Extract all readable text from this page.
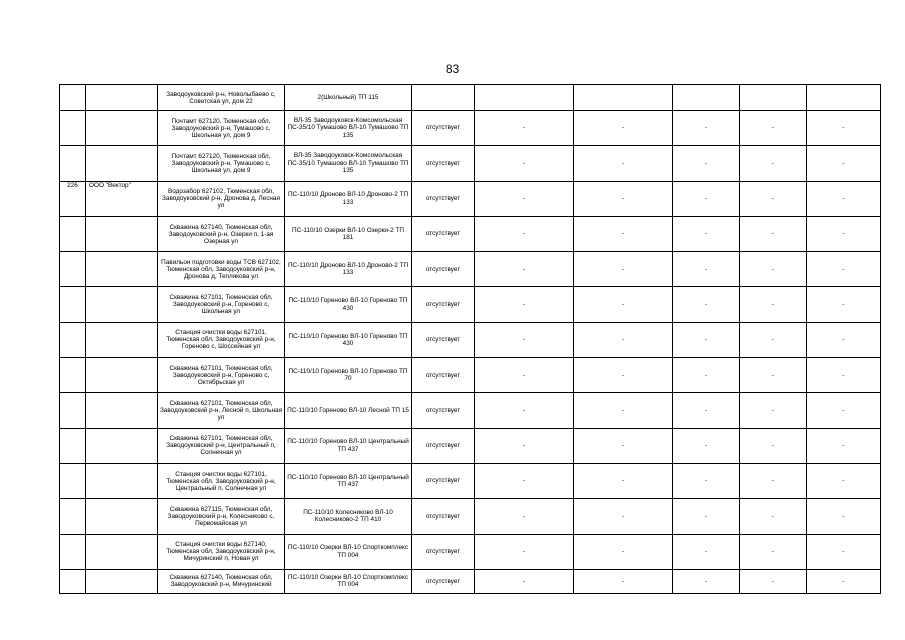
83
		Заводоуковский р-н, Новолыбаево с, Советская ул, дом 22	2(Школьный) ТП 115							
		Почтамт 627120, Тюменская обл, Заводоуковский р-н, Тумашово с, Школьная ул, дом 9	ВЛ-35 Заводоуковск-Комсомольская ПС-35/10 Тумашово ВЛ-10 Тумашово ТП 135	отсутствует	-	-	-	-	-	
		Почтамт 627120, Тюменская обл, Заводоуковский р-н, Тумашово с, Школьная ул, дом 9	ВЛ-35 Заводоуковск-Комсомольская ПС-35/10 Тумашово ВЛ-10 Тумашово ТП 135	отсутствует	-	-	-	-	-	
226	ООО "Вектор"	Водозабор 627102, Тюменская обл, Заводоуковский р-н, Дронова д, Лесная ул	ПС-110/10 Дроново ВЛ-10 Дроново-2 ТП 133	отсутствует	-	-	-	-	-	
		Скважина 627140, Тюменская обл, Заводоуковский р-н, Озерки п, 1-ая Озерная ул	ПС-110/10 Озерки ВЛ-10 Озерки-2 ТП 181	отсутствует	-	-	-	-	-	
		Павильон подготовки воды ТСВ 627102, Тюменская обл, Заводоуковский р-н, Дронова д, Теплякова ул	ПС-110/10 Дроново ВЛ-10 Дроново-2 ТП 133	отсутствует	-	-	-	-	-	
		Скважина 627101, Тюменская обл, Заводоуковский р-н, Гореново с, Школьная ул	ПС-110/10 Гореново ВЛ-10 Гореново ТП 430	отсутствует	-	-	-	-	-	
		Станция очистки воды 627101, Тюменская обл, Заводоуковский р-н, Гореново с, Шоссейная ул	ПС-110/10 Гореново ВЛ-10 Гореново ТП 430	отсутствует	-	-	-	-	-	
		Скважина 627101, Тюменская обл, Заводоуковский р-н, Гореново с, Октябрьская ул	ПС-110/10 Гореново ВЛ-10 Гореново ТП 70	отсутствует	-	-	-	-	-	
		Скважина 627101, Тюменская обл, Заводоуковский р-н, Лесной п, Школьная ул	ПС-110/10 Гореново ВЛ-10 Лесной ТП 15	отсутствует	-	-	-	-	-	
		Скважина 627101, Тюменская обл, Заводоуковский р-н, Центральный п, Солнечная ул	ПС-110/10 Гореново ВЛ-10 Центральный ТП 437	отсутствует	-	-	-	-	-	
		Станция очистки воды 627101, Тюменская обл, Заводоуковский р-н, Центральный п, Солнечная ул	ПС-110/10 Гореново ВЛ-10 Центральный ТП 437	отсутствует	-	-	-	-	-	
		Скважина 627115, Тюменская обл, Заводоуковский р-н, Колесниково с, Первомайская ул	ПС-110/10 Колесниково ВЛ-10 Колесниково-2 ТП 410	отсутствует	-	-	-	-	-	
		Станция очистки воды 627140, Тюменская обл, Заводоуковский р-н, Мичуринский п, Новая ул	ПС-110/10 Озерки ВЛ-10 Спорткомплекс ТП 004	отсутствует	-	-	-	-	-	
		Скважина 627140, Тюменская обл, Заводоуковский р-н, Мичуринский	ПС-110/10 Озерки ВЛ-10 Спорткомплекс ТП 004	отсутствует	-	-	-	-	-	
